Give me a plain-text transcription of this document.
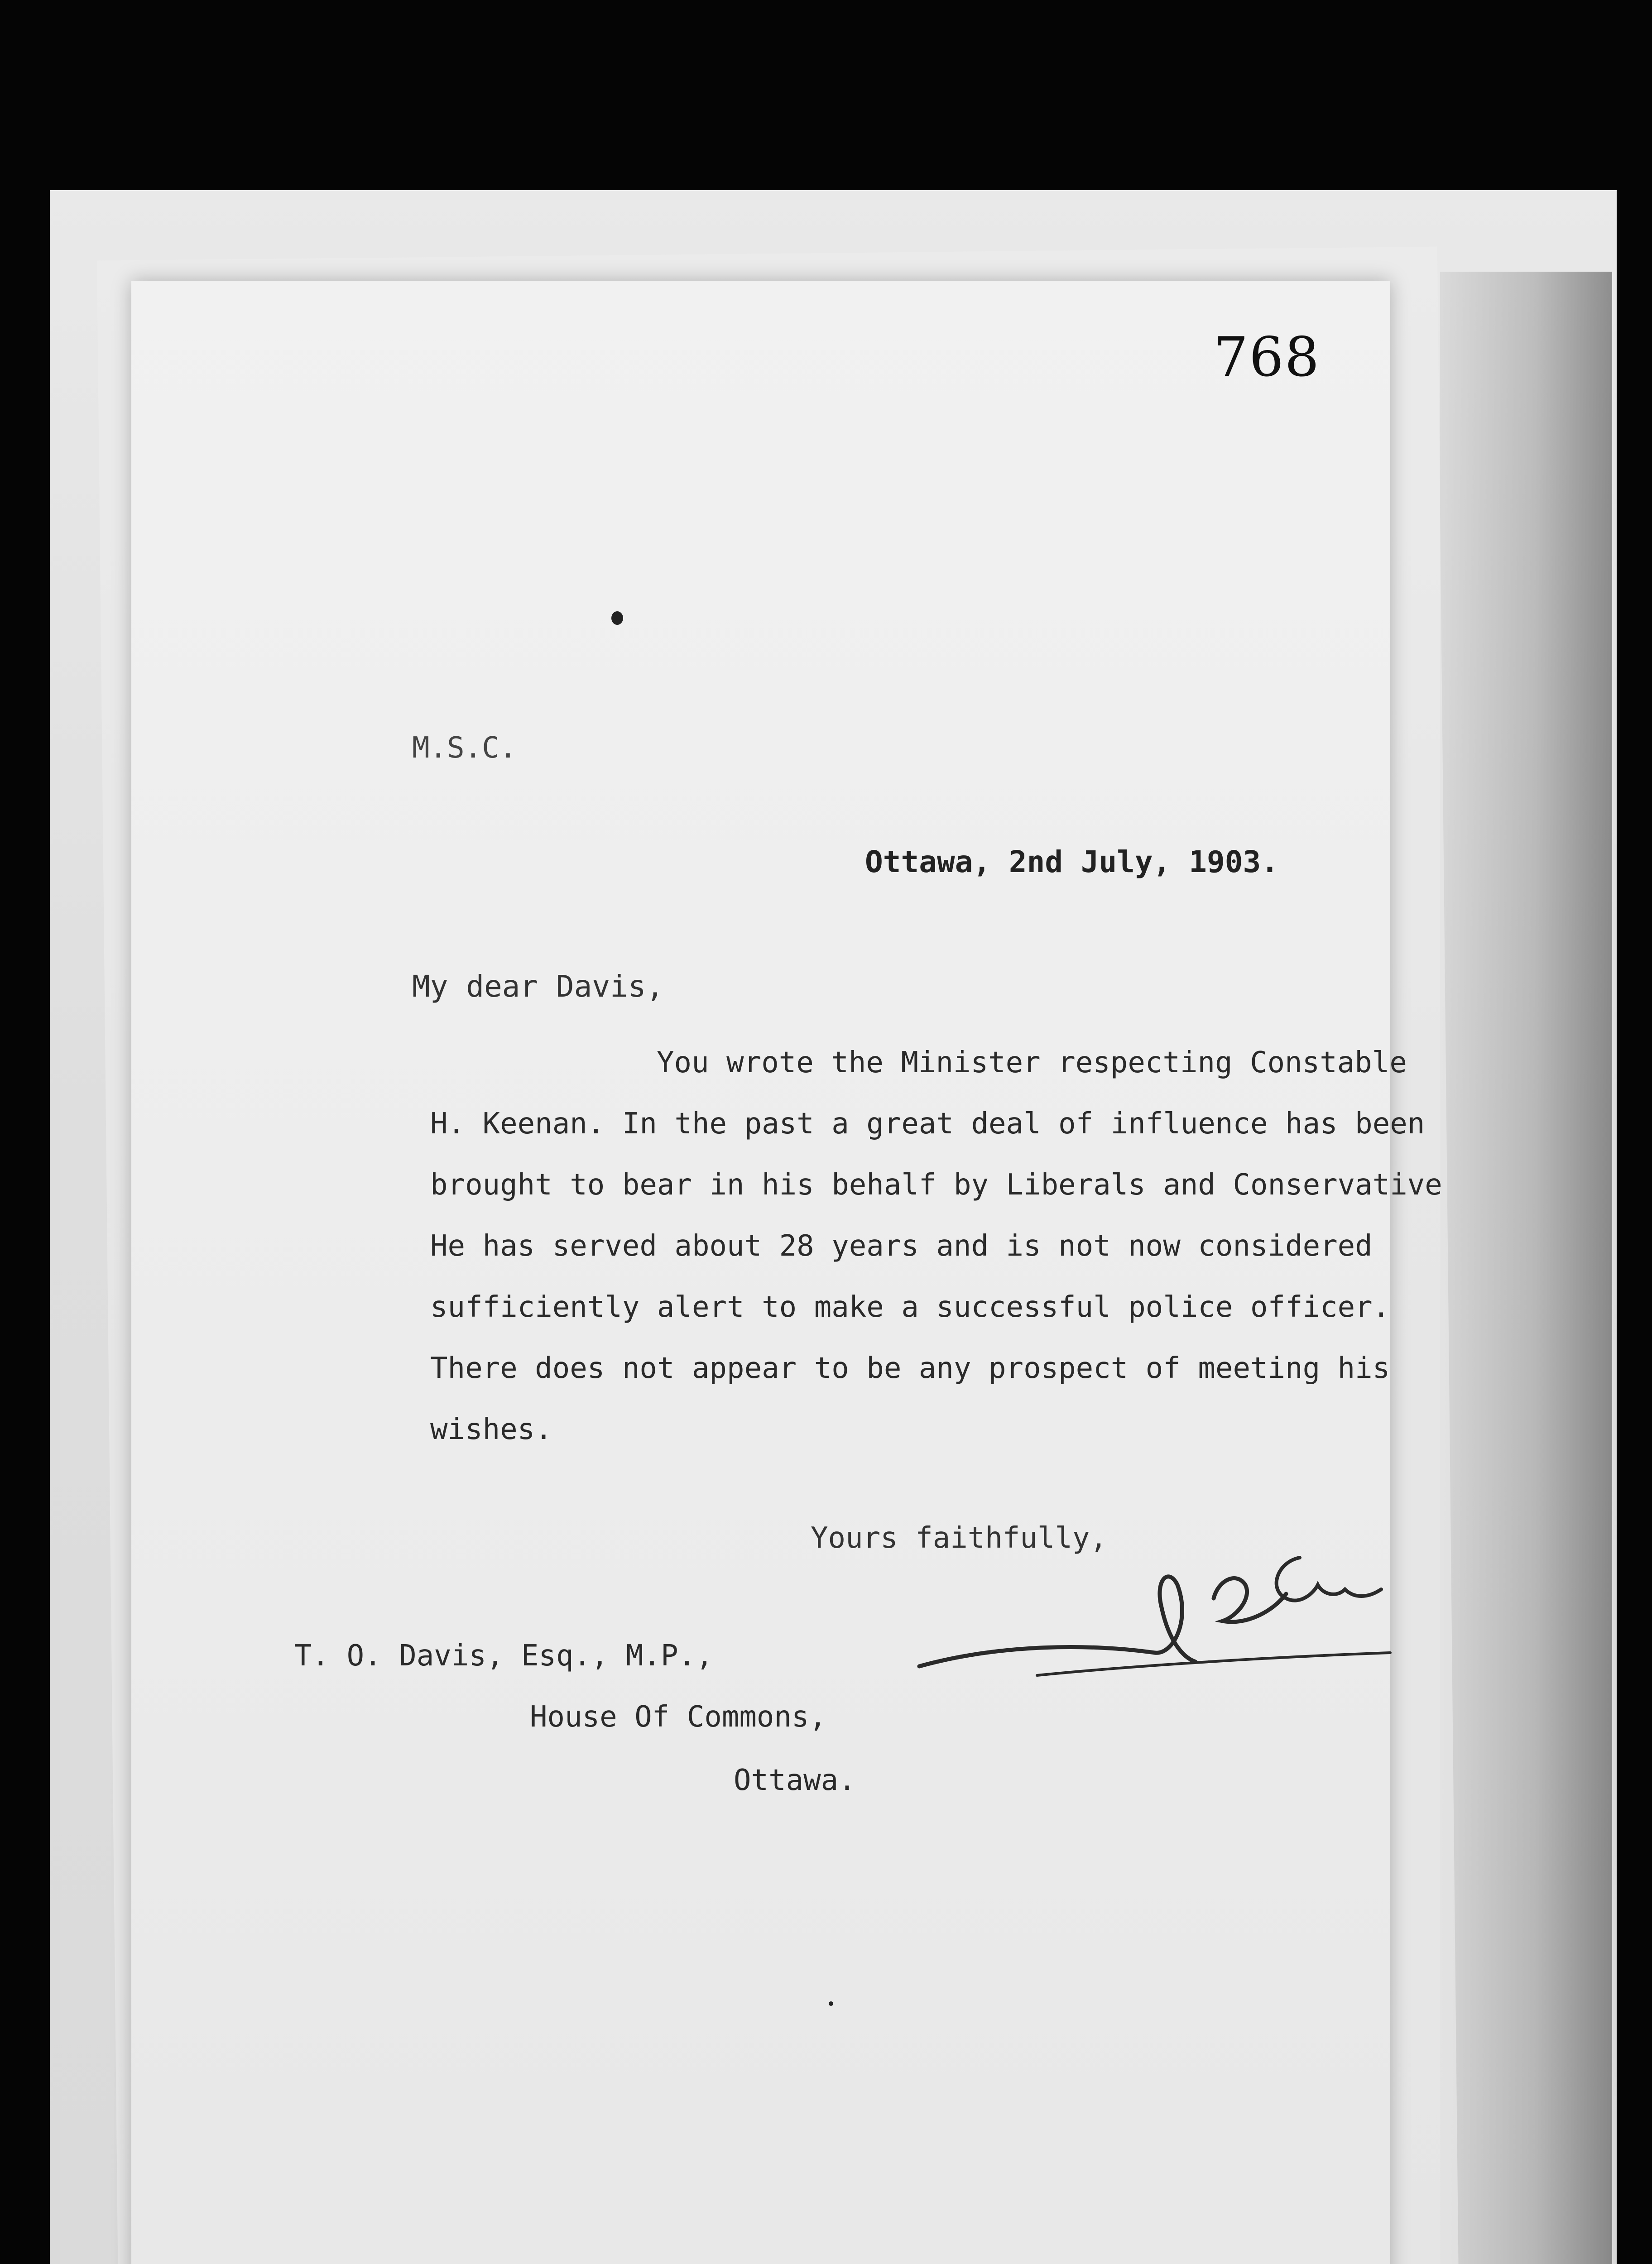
768
M.S.C.
Ottawa, 2nd July, 1903.
My dear Davis,
You wrote the Minister respecting Constable
H. Keenan. In the past a great deal of influence has been
brought to bear in his behalf by Liberals and Conservative
He has served about 28 years and is not now considered
sufficiently alert to make a successful police officer.
There does not appear to be any prospect of meeting his
wishes.
Yours faithfully,
T. O. Davis, Esq., M.P.,
House Of Commons,
Ottawa.
